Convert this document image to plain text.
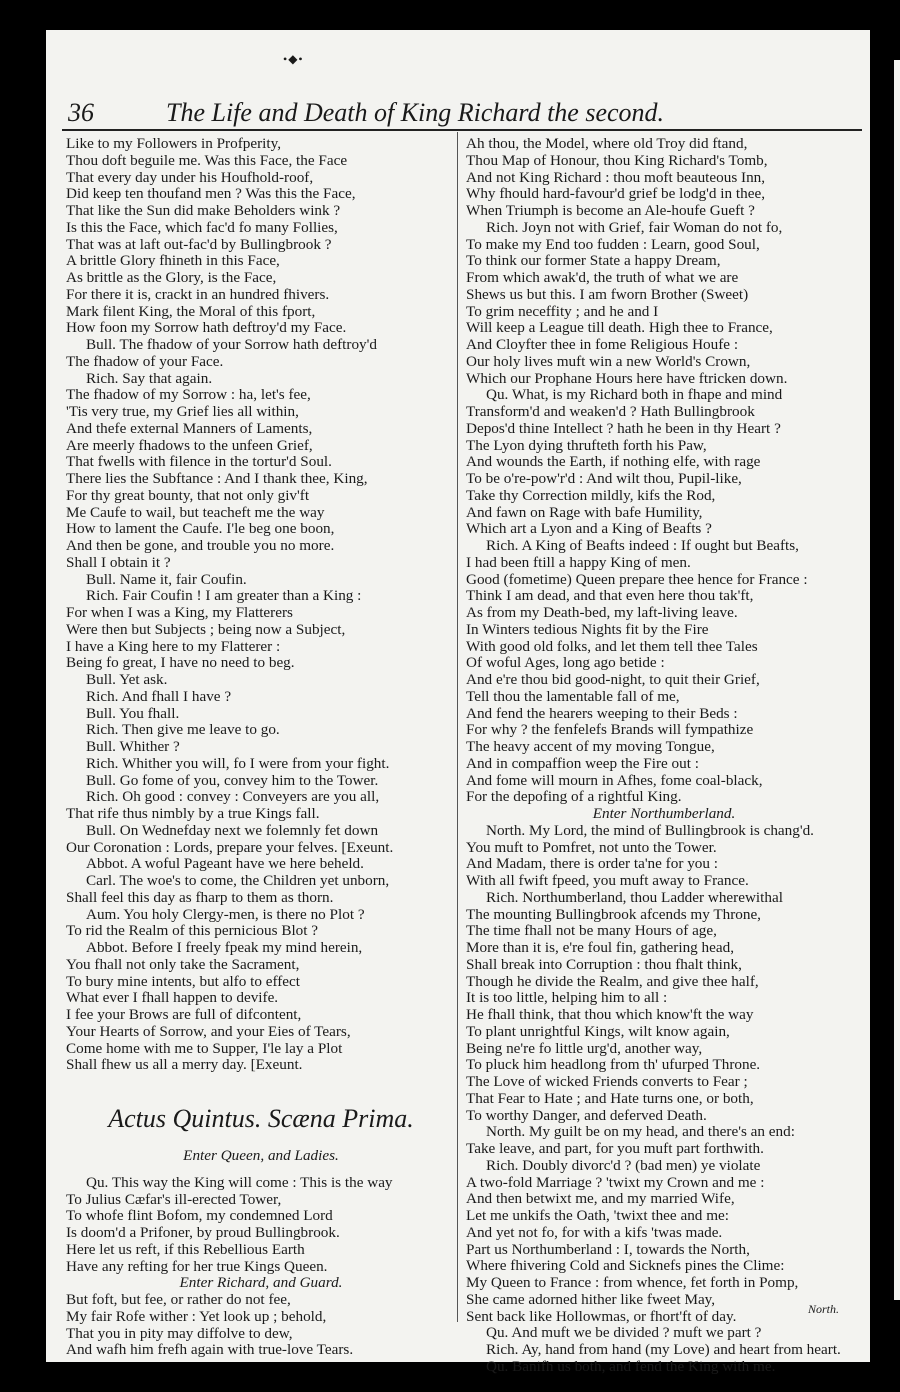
•◆•
36	The Life and Death of King Richard the second.
Like to my Followers in Profperity,
Thou doft beguile me. Was this Face, the Face
That every day under his Houfhold-roof,
Did keep ten thoufand men ? Was this the Face,
That like the Sun did make Beholders wink ?
Is this the Face, which fac'd fo many Follies,
That was at laft out-fac'd by Bullingbrook ?
A brittle Glory fhineth in this Face,
As brittle as the Glory, is the Face,
For there it is, crackt in an hundred fhivers.
Mark filent King, the Moral of this fport,
How foon my Sorrow hath deftroy'd my Face.
Bull. The fhadow of your Sorrow hath deftroy'd
The fhadow of your Face.
Rich. Say that again.
The fhadow of my Sorrow : ha, let's fee,
'Tis very true, my Grief lies all within,
And thefe external Manners of Laments,
Are meerly fhadows to the unfeen Grief,
That fwells with filence in the tortur'd Soul.
There lies the Subftance : And I thank thee, King,
For thy great bounty, that not only giv'ft
Me Caufe to wail, but teacheft me the way
How to lament the Caufe. I'le beg one boon,
And then be gone, and trouble you no more.
Shall I obtain it ?
Bull. Name it, fair Coufin.
Rich. Fair Coufin ! I am greater than a King :
For when I was a King, my Flatterers
Were then but Subjects ; being now a Subject,
I have a King here to my Flatterer :
Being fo great, I have no need to beg.
Bull. Yet ask.
Rich. And fhall I have ?
Bull. You fhall.
Rich. Then give me leave to go.
Bull. Whither ?
Rich. Whither you will, fo I were from your fight.
Bull. Go fome of you, convey him to the Tower.
Rich. Oh good : convey : Conveyers are you all,
That rife thus nimbly by a true Kings fall.
Bull. On Wednefday next we folemnly fet down
Our Coronation : Lords, prepare your felves. [Exeunt.
Abbot. A woful Pageant have we here beheld.
Carl. The woe's to come, the Children yet unborn,
Shall feel this day as fharp to them as thorn.
Aum. You holy Clergy-men, is there no Plot ?
To rid the Realm of this pernicious Blot ?
Abbot. Before I freely fpeak my mind herein,
You fhall not only take the Sacrament,
To bury mine intents, but alfo to effect
What ever I fhall happen to devife.
I fee your Brows are full of difcontent,
Your Hearts of Sorrow, and your Eies of Tears,
Come home with me to Supper, I'le lay a Plot
Shall fhew us all a merry day. [Exeunt.
Actus Quintus. Scæna Prima.
Enter Queen, and Ladies.
Qu. This way the King will come : This is the way
To Julius Cæfar's ill-erected Tower,
To whofe flint Bofom, my condemned Lord
Is doom'd a Prifoner, by proud Bullingbrook.
Here let us reft, if this Rebellious Earth
Have any refting for her true Kings Queen.
Enter Richard, and Guard.
But foft, but fee, or rather do not fee,
My fair Rofe wither : Yet look up ; behold,
That you in pity may diffolve to dew,
And wafh him frefh again with true-love Tears.
Ah thou, the Model, where old Troy did ftand,
Thou Map of Honour, thou King Richard's Tomb,
And not King Richard : thou moft beauteous Inn,
Why fhould hard-favour'd grief be lodg'd in thee,
When Triumph is become an Ale-houfe Gueft ?
Rich. Joyn not with Grief, fair Woman do not fo,
To make my End too fudden : Learn, good Soul,
To think our former State a happy Dream,
From which awak'd, the truth of what we are
Shews us but this. I am fworn Brother (Sweet)
To grim neceffity ; and he and I
Will keep a League till death. High thee to France,
And Cloyfter thee in fome Religious Houfe :
Our holy lives muft win a new World's Crown,
Which our Prophane Hours here have ftricken down.
Qu. What, is my Richard both in fhape and mind
Transform'd and weaken'd ? Hath Bullingbrook
Depos'd thine Intellect ? hath he been in thy Heart ?
The Lyon dying thrufteth forth his Paw,
And wounds the Earth, if nothing elfe, with rage
To be o're-pow'r'd : And wilt thou, Pupil-like,
Take thy Correction mildly, kifs the Rod,
And fawn on Rage with bafe Humility,
Which art a Lyon and a King of Beafts ?
Rich. A King of Beafts indeed : If ought but Beafts,
I had been ftill a happy King of men.
Good (fometime) Queen prepare thee hence for France :
Think I am dead, and that even here thou tak'ft,
As from my Death-bed, my laft-living leave.
In Winters tedious Nights fit by the Fire
With good old folks, and let them tell thee Tales
Of woful Ages, long ago betide :
And e're thou bid good-night, to quit their Grief,
Tell thou the lamentable fall of me,
And fend the hearers weeping to their Beds :
For why ? the fenfelefs Brands will fympathize
The heavy accent of my moving Tongue,
And in compaffion weep the Fire out :
And fome will mourn in Afhes, fome coal-black,
For the depofing of a rightful King.
Enter Northumberland.
North. My Lord, the mind of Bullingbrook is chang'd.
You muft to Pomfret, not unto the Tower.
And Madam, there is order ta'ne for you :
With all fwift fpeed, you muft away to France.
Rich. Northumberland, thou Ladder wherewithal
The mounting Bullingbrook afcends my Throne,
The time fhall not be many Hours of age,
More than it is, e're foul fin, gathering head,
Shall break into Corruption : thou fhalt think,
Though he divide the Realm, and give thee half,
It is too little, helping him to all :
He fhall think, that thou which know'ft the way
To plant unrightful Kings, wilt know again,
Being ne're fo little urg'd, another way,
To pluck him headlong from th' ufurped Throne.
The Love of wicked Friends converts to Fear ;
That Fear to Hate ; and Hate turns one, or both,
To worthy Danger, and deferved Death.
North. My guilt be on my head, and there's an end:
Take leave, and part, for you muft part forthwith.
Rich. Doubly divorc'd ? (bad men) ye violate
A two-fold Marriage ? 'twixt my Crown and me :
And then betwixt me, and my married Wife,
Let me unkifs the Oath, 'twixt thee and me:
And yet not fo, for with a kifs 'twas made.
Part us Northumberland : I, towards the North,
Where fhivering Cold and Sicknefs pines the Clime:
My Queen to France : from whence, fet forth in Pomp,
She came adorned hither like fweet May,
Sent back like Hollowmas, or fhort'ft of day.
Qu. And muft we be divided ? muft we part ?
Rich. Ay, hand from hand (my Love) and heart from heart.
Qu. Banifh us both, and fend the King with me.
North.
